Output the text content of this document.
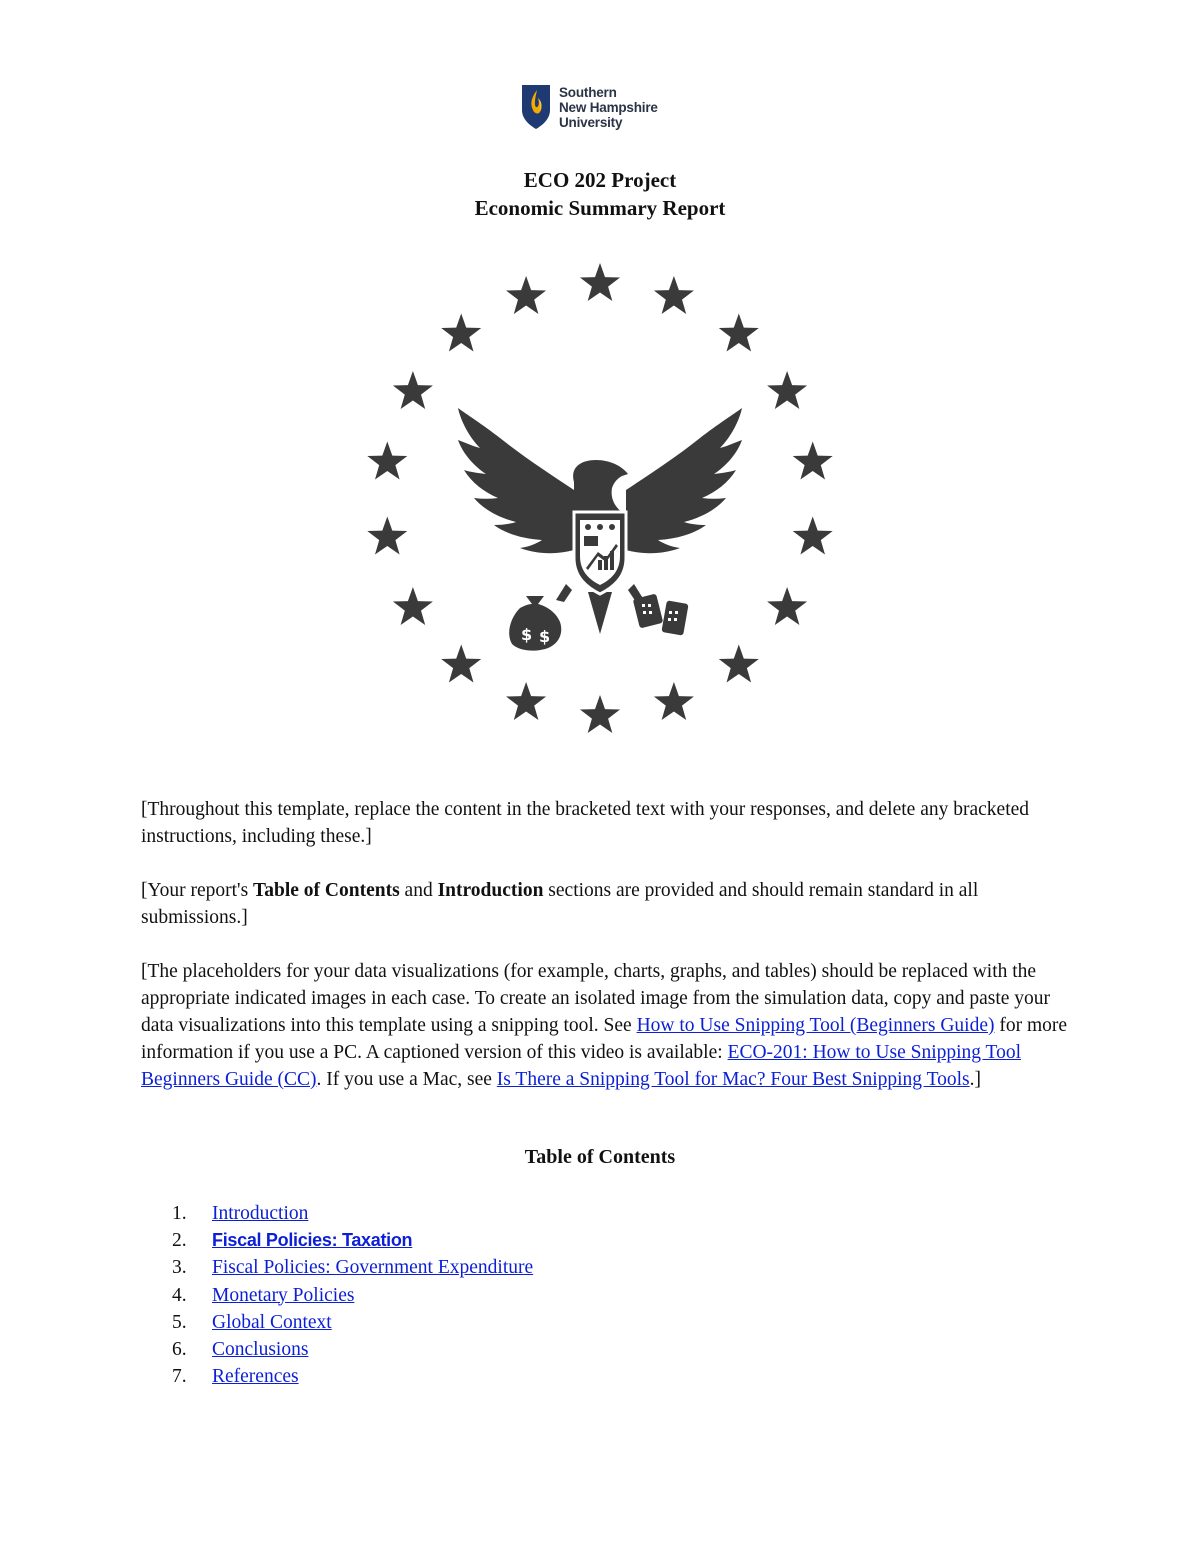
Southern
New Hampshire
University
ECO 202 Project
Economic Summary Report
$ $

[Throughout this template, replace the content in the bracketed text with your responses, and delete any bracketed instructions, including these.]

[Your report's Table of Contents and Introduction sections are provided and should remain standard in all submissions.]

[The placeholders for your data visualizations (for example, charts, graphs, and tables) should be replaced with the appropriate indicated images in each case. To create an isolated image from the simulation data, copy and paste your data visualizations into this template using a snipping tool. See How to Use Snipping Tool (Beginners Guide) for more information if you use a PC. A captioned version of this video is available: ECO-201: How to Use Snipping Tool Beginners Guide (CC). If you use a Mac, see Is There a Snipping Tool for Mac? Four Best Snipping Tools.]

Table of Contents
1.	Introduction
2.	Fiscal Policies: Taxation
3.	Fiscal Policies: Government Expenditure
4.	Monetary Policies
5.	Global Context
6.	Conclusions
7.	References
